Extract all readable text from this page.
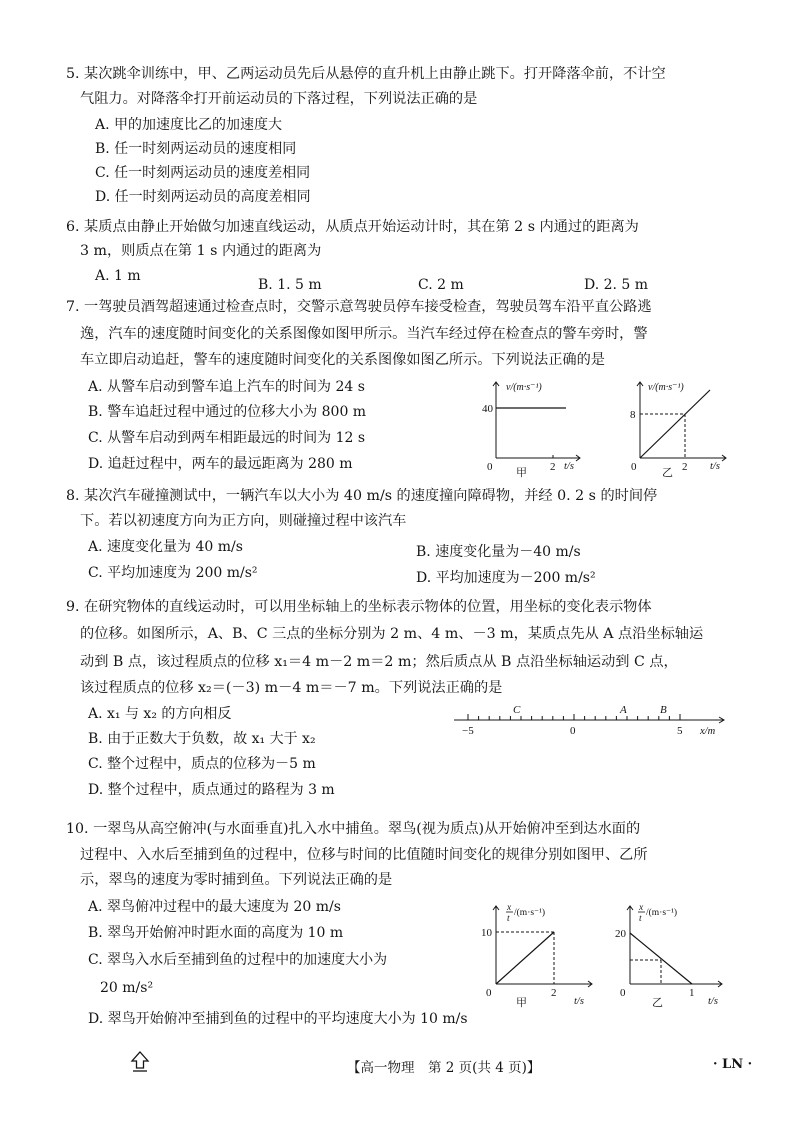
5. 某次跳伞训练中，甲、乙两运动员先后从悬停的直升机上由静止跳下。打开降落伞前，不计空
气阻力。对降落伞打开前运动员的下落过程，下列说法正确的是
A. 甲的加速度比乙的加速度大
B. 任一时刻两运动员的速度相同
C. 任一时刻两运动员的速度差相同
D. 任一时刻两运动员的高度差相同
6. 某质点由静止开始做匀加速直线运动，从质点开始运动计时，其在第 2 s 内通过的距离为
3 m，则质点在第 1 s 内通过的距离为
A. 1 m
B. 1. 5 m	C. 2 m	D. 2. 5 m
7. 一驾驶员酒驾超速通过检查点时，交警示意驾驶员停车接受检查，驾驶员驾车沿平直公路逃
逸，汽车的速度随时间变化的关系图像如图甲所示。当汽车经过停在检查点的警车旁时，警
车立即启动追赶，警车的速度随时间变化的关系图像如图乙所示。下列说法正确的是
A. 从警车启动到警车追上汽车的时间为 24 s
B. 警车追赶过程中通过的位移大小为 800 m
C. 从警车启动到两车相距最远的时间为 12 s
D. 追赶过程中，两车的最远距离为 280 m
v/(m·s⁻¹)
40
0	2 t/s
甲
v/(m·s⁻¹)
8
0	2 t/s
乙
8. 某次汽车碰撞测试中，一辆汽车以大小为 40 m/s 的速度撞向障碍物，并经 0. 2 s 的时间停
下。若以初速度方向为正方向，则碰撞过程中该汽车
A. 速度变化量为 40 m/s	B. 速度变化量为－40 m/s
C. 平均加速度为 200 m/s²	D. 平均加速度为－200 m/s²
9. 在研究物体的直线运动时，可以用坐标轴上的坐标表示物体的位置，用坐标的变化表示物体
的位移。如图所示，A、B、C 三点的坐标分别为 2 m、4 m、－3 m，某质点先从 A 点沿坐标轴运
动到 B 点，该过程质点的位移 x₁＝4 m－2 m＝2 m；然后质点从 B 点沿坐标轴运动到 C 点，
该过程质点的位移 x₂＝(－3) m－4 m＝－7 m。下列说法正确的是
A. x₁ 与 x₂ 的方向相反
B. 由于正数大于负数，故 x₁ 大于 x₂
C. 整个过程中，质点的位移为－5 m
D. 整个过程中，质点通过的路程为 3 m
C	A	B
−5	0	5 x/m
10. 一翠鸟从高空俯冲(与水面垂直)扎入水中捕鱼。翠鸟(视为质点)从开始俯冲至到达水面的
过程中、入水后至捕到鱼的过程中，位移与时间的比值随时间变化的规律分别如图甲、乙所
示，翠鸟的速度为零时捕到鱼。下列说法正确的是
A. 翠鸟俯冲过程中的最大速度为 20 m/s
B. 翠鸟开始俯冲时距水面的高度为 10 m
C. 翠鸟入水后至捕到鱼的过程中的加速度大小为
20 m/s²
D. 翠鸟开始俯冲至捕到鱼的过程中的平均速度大小为 10 m/s
x
t
/(m·s⁻¹)
10
0	2
t/s
甲
x
t
/(m·s⁻¹)
20
0	1
t/s
乙
【高一物理　第 2 页(共 4 页)】	· LN ·
